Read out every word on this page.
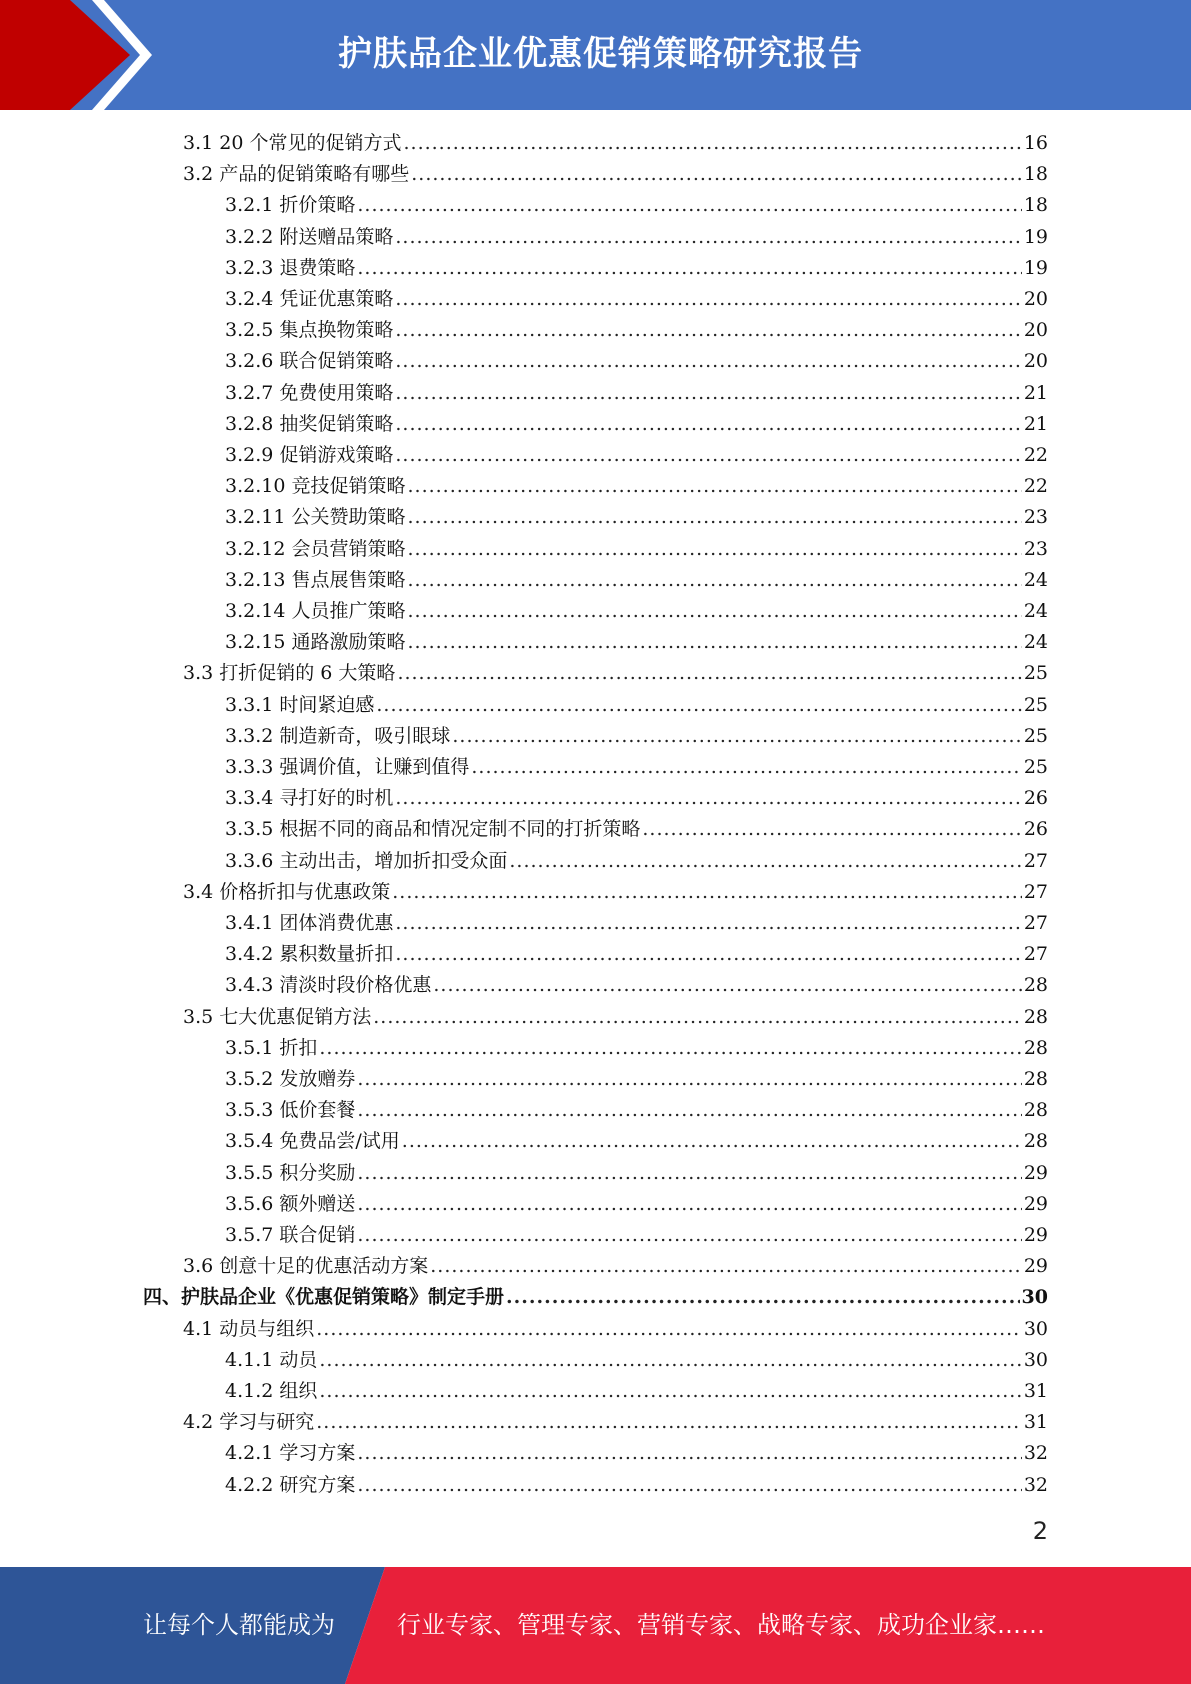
护肤品企业优惠促销策略研究报告
3.1 20 个常见的促销方式 .....	16
3.2 产品的促销策略有哪些 .....	18
3.2.1 折价策略 .....	18
3.2.2 附送赠品策略 .....	19
3.2.3 退费策略 .....	19
3.2.4 凭证优惠策略 .....	20
3.2.5 集点换物策略 .....	20
3.2.6 联合促销策略 .....	20
3.2.7 免费使用策略 .....	21
3.2.8 抽奖促销策略 .....	21
3.2.9 促销游戏策略 .....	22
3.2.10 竞技促销策略 .....	22
3.2.11 公关赞助策略 .....	23
3.2.12 会员营销策略 .....	23
3.2.13 售点展售策略 .....	24
3.2.14 人员推广策略 .....	24
3.2.15 通路激励策略 .....	24
3.3 打折促销的 6 大策略 .....	25
3.3.1 时间紧迫感 .....	25
3.3.2 制造新奇，吸引眼球 .....	25
3.3.3 强调价值，让赚到值得 .....	25
3.3.4 寻打好的时机 .....	26
3.3.5 根据不同的商品和情况定制不同的打折策略 .....	26
3.3.6 主动出击，增加折扣受众面 .....	27
3.4 价格折扣与优惠政策 .....	27
3.4.1 团体消费优惠 .....	27
3.4.2 累积数量折扣 .....	27
3.4.3 清淡时段价格优惠 .....	28
3.5 七大优惠促销方法 .....	28
3.5.1 折扣 .....	28
3.5.2 发放赠券 .....	28
3.5.3 低价套餐 .....	28
3.5.4 免费品尝/试用 .....	28
3.5.5 积分奖励 .....	29
3.5.6 额外赠送 .....	29
3.5.7 联合促销 .....	29
3.6 创意十足的优惠活动方案 .....	29
四、护肤品企业《优惠促销策略》制定手册 .....	30
4.1 动员与组织 .....	30
4.1.1 动员 .....	30
4.1.2 组织 .....	31
4.2 学习与研究 .....	31
4.2.1 学习方案 .....	32
4.2.2 研究方案 .....	32
2
让每个人都能成为	行业专家、管理专家、营销专家、战略专家、成功企业家……
